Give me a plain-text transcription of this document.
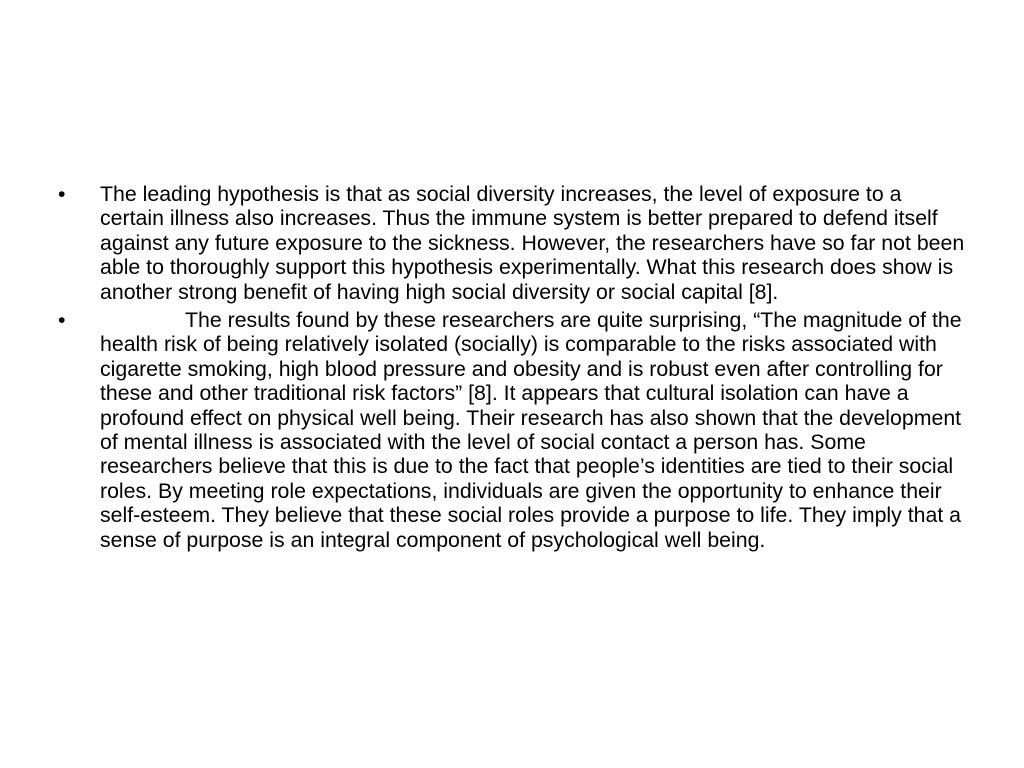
•	The leading hypothesis is that as social diversity increases, the level of exposure to a certain illness also increases. Thus the immune system is better prepared to defend itself against any future exposure to the sickness. However, the researchers have so far not been able to thoroughly support this hypothesis experimentally. What this research does show is another strong benefit of having high social diversity or social capital [8].
•	The results found by these researchers are quite surprising, “The magnitude of the health risk of being relatively isolated (socially) is comparable to the risks associated with cigarette smoking, high blood pressure and obesity and is robust even after controlling for these and other traditional risk factors” [8]. It appears that cultural isolation can have a profound effect on physical well being. Their research has also shown that the development of mental illness is associated with the level of social contact a person has. Some researchers believe that this is due to the fact that people’s identities are tied to their social roles. By meeting role expectations, individuals are given the opportunity to enhance their self-esteem. They believe that these social roles provide a purpose to life. They imply that a sense of purpose is an integral component of psychological well being.
